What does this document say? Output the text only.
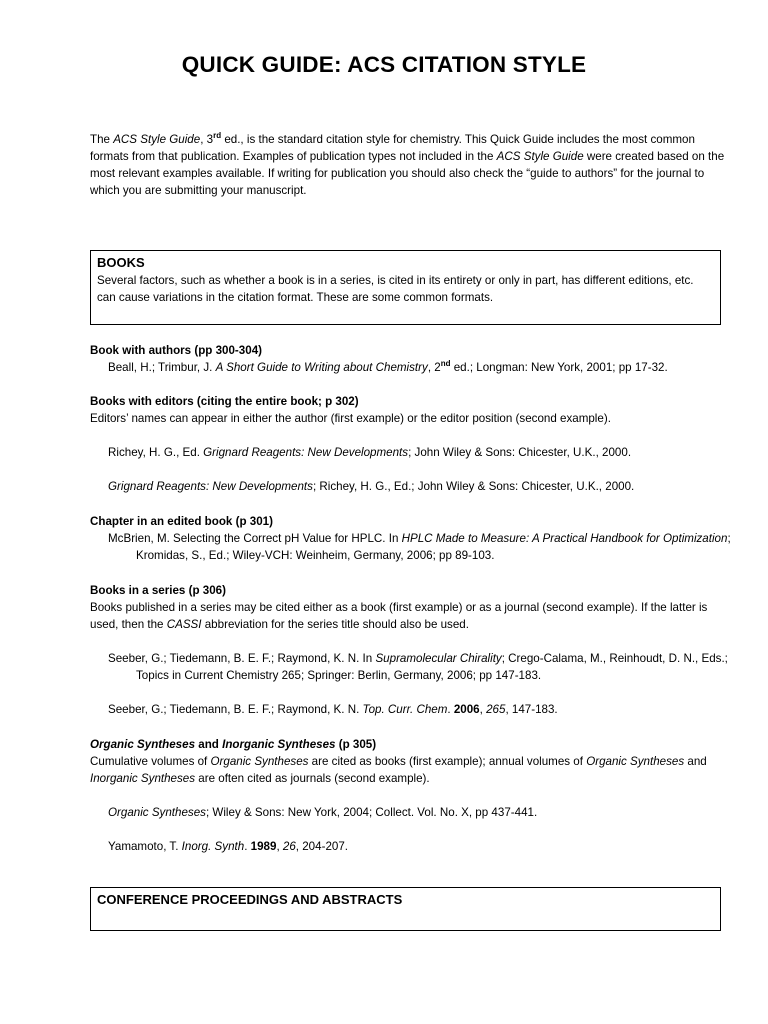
QUICK GUIDE: ACS CITATION STYLE

The ACS Style Guide, 3rd ed., is the standard citation style for chemistry. This Quick Guide includes the most common formats from that publication. Examples of publication types not included in the ACS Style Guide were created based on the most relevant examples available. If writing for publication you should also check the “guide to authors” for the journal to which you are submitting your manuscript.

BOOKS

Several factors, such as whether a book is in a series, is cited in its entirety or only in part, has different editions, etc. can cause variations in the citation format. These are some common formats.

Book with authors (pp 300-304)

Beall, H.; Trimbur, J. A Short Guide to Writing about Chemistry, 2nd ed.; Longman: New York, 2001; pp 17-32.

Books with editors (citing the entire book; p 302)

Editors’ names can appear in either the author (first example) or the editor position (second example).

Richey, H. G., Ed. Grignard Reagents: New Developments; John Wiley & Sons: Chicester, U.K., 2000.

Grignard Reagents: New Developments; Richey, H. G., Ed.; John Wiley & Sons: Chicester, U.K., 2000.

Chapter in an edited book (p 301)

McBrien, M. Selecting the Correct pH Value for HPLC. In HPLC Made to Measure: A Practical Handbook for Optimization; Kromidas, S., Ed.; Wiley-VCH: Weinheim, Germany, 2006; pp 89-103.

Books in a series (p 306)

Books published in a series may be cited either as a book (first example) or as a journal (second example). If the latter is used, then the CASSI abbreviation for the series title should also be used.

Seeber, G.; Tiedemann, B. E. F.; Raymond, K. N. In Supramolecular Chirality; Crego-Calama, M., Reinhoudt, D. N., Eds.; Topics in Current Chemistry 265; Springer: Berlin, Germany, 2006; pp 147-183.

Seeber, G.; Tiedemann, B. E. F.; Raymond, K. N. Top. Curr. Chem. 2006, 265, 147-183.

Organic Syntheses and Inorganic Syntheses (p 305)

Cumulative volumes of Organic Syntheses are cited as books (first example); annual volumes of Organic Syntheses and Inorganic Syntheses are often cited as journals (second example).

Organic Syntheses; Wiley & Sons: New York, 2004; Collect. Vol. No. X, pp 437-441.

Yamamoto, T. Inorg. Synth. 1989, 26, 204-207.

CONFERENCE PROCEEDINGS AND ABSTRACTS
